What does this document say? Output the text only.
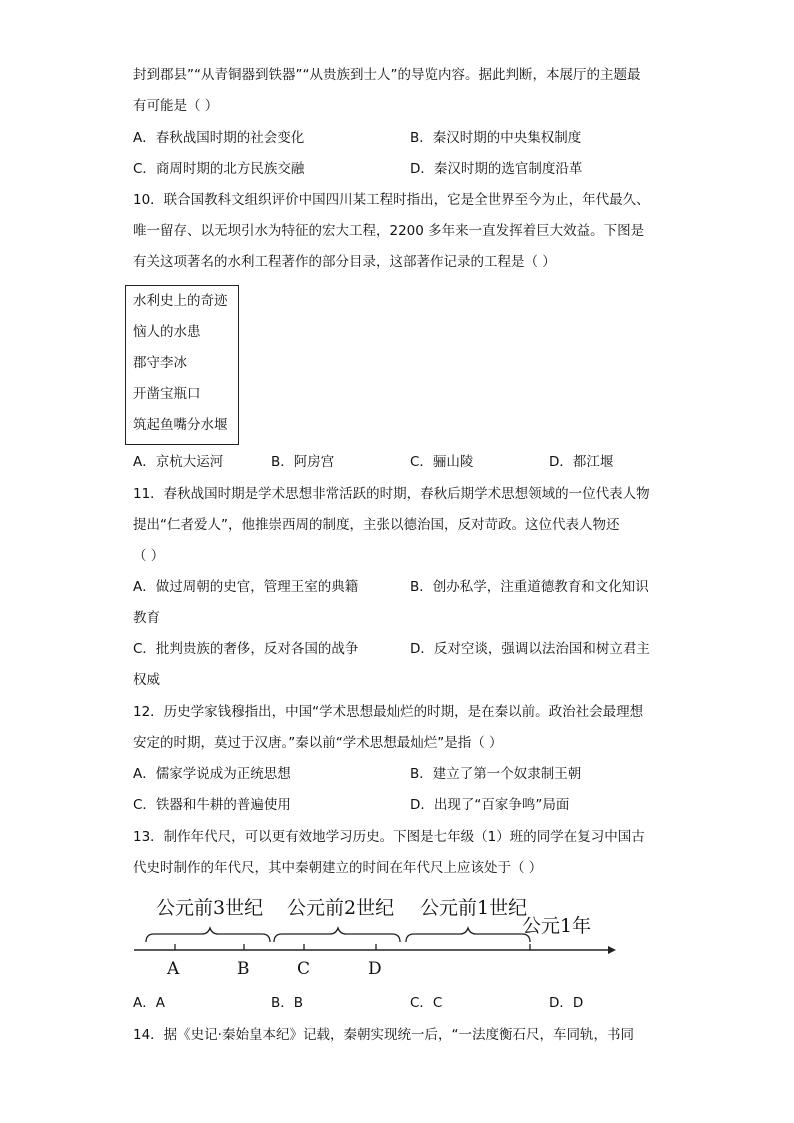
封到郡县”“从青铜器到铁器”“从贵族到士人”的导览内容。据此判断，本展厅的主题最
有可能是（ ）
A．春秋战国时期的社会变化	B．秦汉时期的中央集权制度
C．商周时期的北方民族交融	D．秦汉时期的选官制度沿革
10．联合国教科文组织评价中国四川某工程时指出，它是全世界至今为止，年代最久、
唯一留存、以无坝引水为特征的宏大工程，2200 多年来一直发挥着巨大效益。下图是
有关这项著名的水利工程著作的部分目录，这部著作记录的工程是（ ）
水利史上的奇迹
恼人的水患
郡守李冰
开凿宝瓶口
筑起鱼嘴分水堰
A．京杭大运河	B．阿房宫	C．骊山陵	D．都江堰
11．春秋战国时期是学术思想非常活跃的时期，春秋后期学术思想领域的一位代表人物
提出“仁者爱人”，他推崇西周的制度，主张以德治国，反对苛政。这位代表人物还
（ ）
A．做过周朝的史官，管理王室的典籍	B．创办私学，注重道德教育和文化知识
教育
C．批判贵族的奢侈，反对各国的战争	D．反对空谈，强调以法治国和树立君主
权威
12．历史学家钱穆指出，中国“学术思想最灿烂的时期，是在秦以前。政治社会最理想
安定的时期，莫过于汉唐。”秦以前“学术思想最灿烂”是指（ ）
A．儒家学说成为正统思想	B．建立了第一个奴隶制王朝
C．铁器和牛耕的普遍使用	D．出现了“百家争鸣”局面
13．制作年代尺，可以更有效地学习历史。下图是七年级（1）班的同学在复习中国古
代史时制作的年代尺，其中秦朝建立的时间在年代尺上应该处于（ ）
公元前3世纪 公元前2世纪 公元前1世纪
公元1年
A	B	C	D
A．A	B．B	C．C	D．D
14．据《史记·秦始皇本纪》记载，秦朝实现统一后，“一法度衡石尺，车同轨，书同
